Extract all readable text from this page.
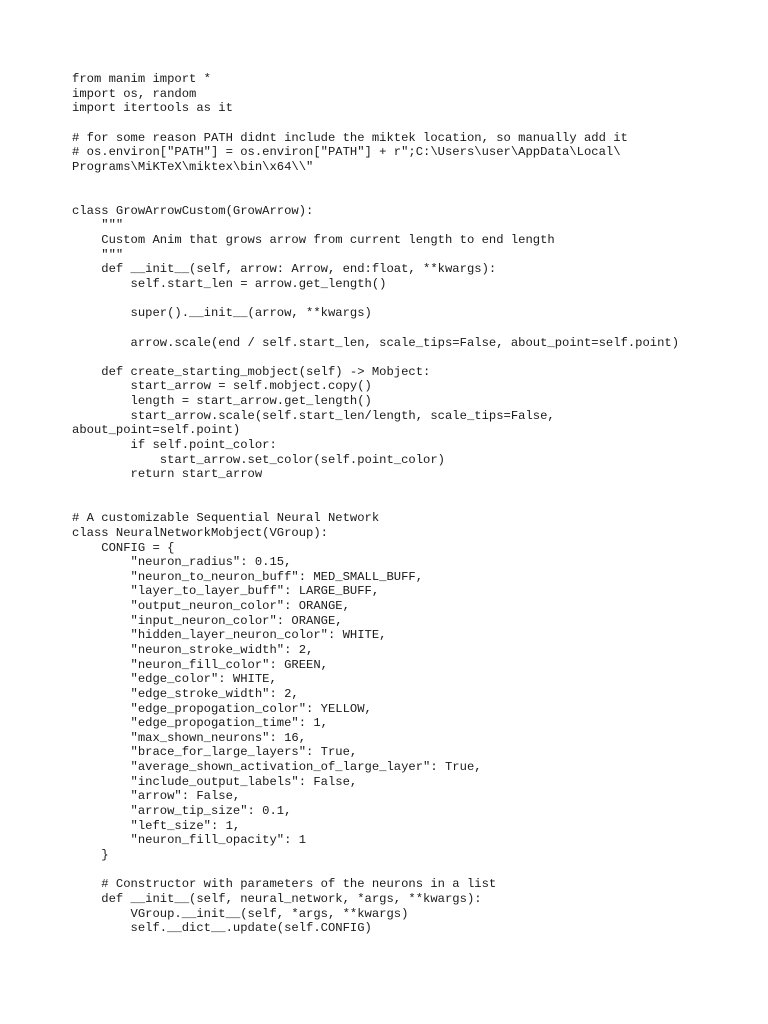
from manim import *
import os, random
import itertools as it
# for some reason PATH didnt include the miktek location, so manually add it
# os.environ["PATH"] = os.environ["PATH"] + r";C:\Users\user\AppData\Local\
Programs\MiKTeX\miktex\bin\x64\\"
class GrowArrowCustom(GrowArrow):
"""
Custom Anim that grows arrow from current length to end length
"""
def __init__(self, arrow: Arrow, end:float, **kwargs):
self.start_len = arrow.get_length()
super().__init__(arrow, **kwargs)
arrow.scale(end / self.start_len, scale_tips=False, about_point=self.point)
def create_starting_mobject(self) -> Mobject:
start_arrow = self.mobject.copy()
length = start_arrow.get_length()
start_arrow.scale(self.start_len/length, scale_tips=False,
about_point=self.point)
if self.point_color:
start_arrow.set_color(self.point_color)
return start_arrow
# A customizable Sequential Neural Network
class NeuralNetworkMobject(VGroup):
CONFIG = {
"neuron_radius": 0.15,
"neuron_to_neuron_buff": MED_SMALL_BUFF,
"layer_to_layer_buff": LARGE_BUFF,
"output_neuron_color": ORANGE,
"input_neuron_color": ORANGE,
"hidden_layer_neuron_color": WHITE,
"neuron_stroke_width": 2,
"neuron_fill_color": GREEN,
"edge_color": WHITE,
"edge_stroke_width": 2,
"edge_propogation_color": YELLOW,
"edge_propogation_time": 1,
"max_shown_neurons": 16,
"brace_for_large_layers": True,
"average_shown_activation_of_large_layer": True,
"include_output_labels": False,
"arrow": False,
"arrow_tip_size": 0.1,
"left_size": 1,
"neuron_fill_opacity": 1
}
# Constructor with parameters of the neurons in a list
def __init__(self, neural_network, *args, **kwargs):
VGroup.__init__(self, *args, **kwargs)
self.__dict__.update(self.CONFIG)
